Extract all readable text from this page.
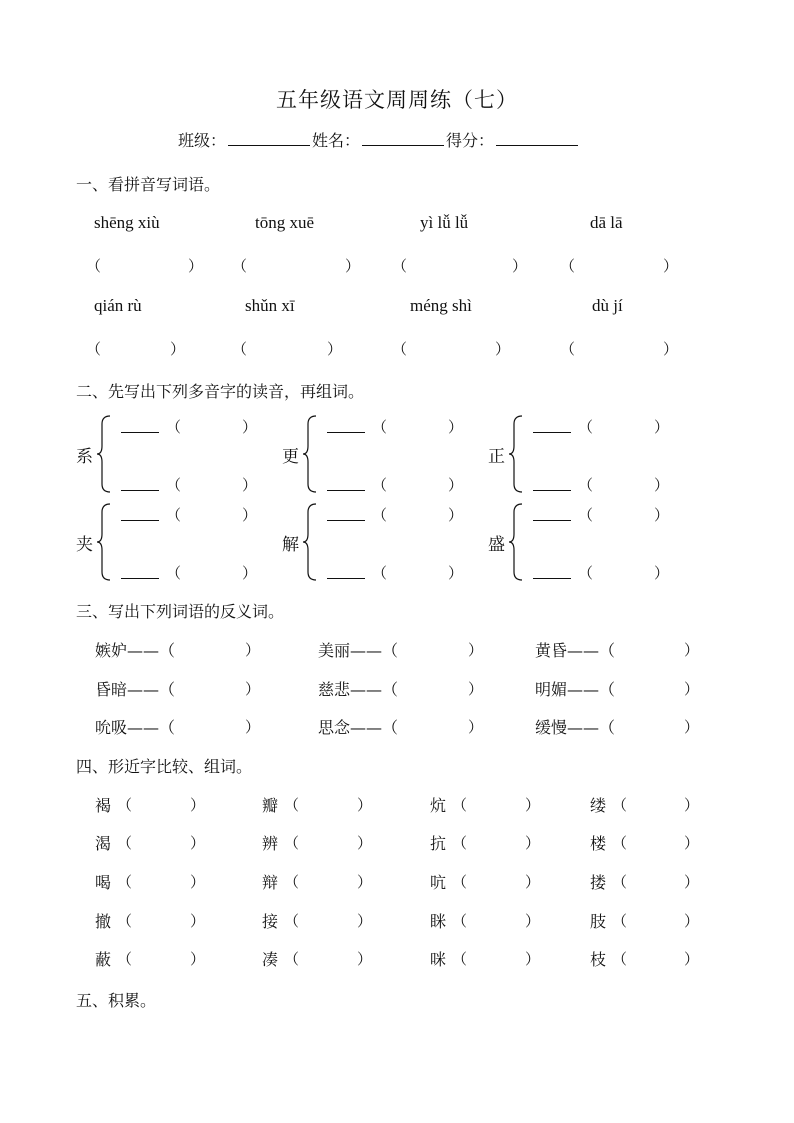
五年级语文周周练（七）
班级：	姓名：	得分：
一、看拼音写词语。
shēng xiù	tōng xuē	yì lǚ lǚ	dā lā
（	） （	） （	） （	）
qián rù	shǔn xī	méng shì	dù jí
（	）	（	）	（	）	（	）
二、先写出下列多音字的读音，再组词。
系
（	）
（	）
更
（	）
（	）
正
（	）
（	）
夹
（	）
（	）
解
（	）
（	）
盛
（	）
（	）
三、写出下列词语的反义词。
嫉妒——（	）	美丽——（	）	黄昏——（	）
昏暗——（	）	慈悲——（	）	明媚——（	）
吮吸——（	）	思念——（	）	缓慢——（	）
四、形近字比较、组词。
褐 （	）	瓣 （	）	炕 （	）	缕 （	）
渴 （	）	辨 （	）	抗 （	）	楼 （	）
喝 （	）	辩 （	）	吭 （	）	搂 （	）
撤 （	）	接 （	）	眯 （	）	肢 （	）
蔽 （	）	凑 （	）	咪 （	）	枝 （	）
五、积累。
